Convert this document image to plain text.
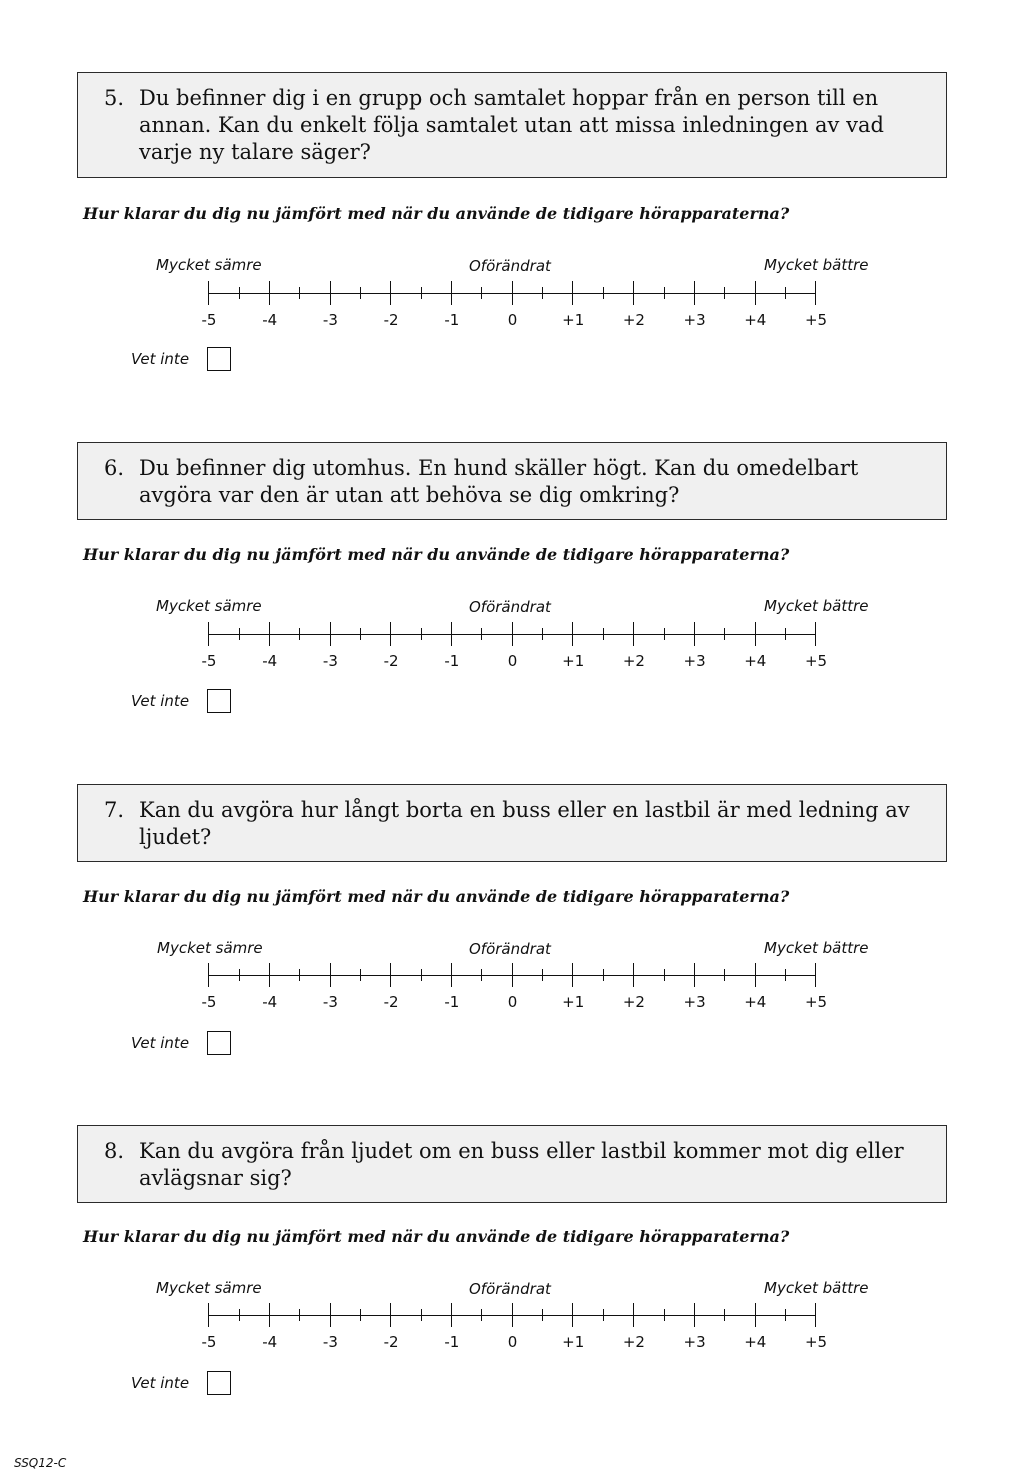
5. Du befinner dig i en grupp och samtalet hoppar från en person till en
annan. Kan du enkelt följa samtalet utan att missa inledningen av vad
varje ny talare säger?
Hur klarar du dig nu jämfört med när du använde de tidigare hörapparaterna?
Mycket sämre	Oförändrat	Mycket bättre
-5	-4	-3	-2	-1	0	+1	+2	+3	+4	+5
Vet inte
6. Du befinner dig utomhus. En hund skäller högt. Kan du omedelbart
avgöra var den är utan att behöva se dig omkring?
Hur klarar du dig nu jämfört med när du använde de tidigare hörapparaterna?
Mycket sämre	Oförändrat	Mycket bättre
-5	-4	-3	-2	-1	0	+1	+2	+3	+4	+5
Vet inte
7. Kan du avgöra hur långt borta en buss eller en lastbil är med ledning av
ljudet?
Hur klarar du dig nu jämfört med när du använde de tidigare hörapparaterna?
Mycket sämre	Oförändrat	Mycket bättre
-5	-4	-3	-2	-1	0	+1	+2	+3	+4	+5
Vet inte
8. Kan du avgöra från ljudet om en buss eller lastbil kommer mot dig eller
avlägsnar sig?
Hur klarar du dig nu jämfört med när du använde de tidigare hörapparaterna?
Mycket sämre	Oförändrat	Mycket bättre
-5	-4	-3	-2	-1	0	+1	+2	+3	+4	+5
Vet inte
SSQ12-C
